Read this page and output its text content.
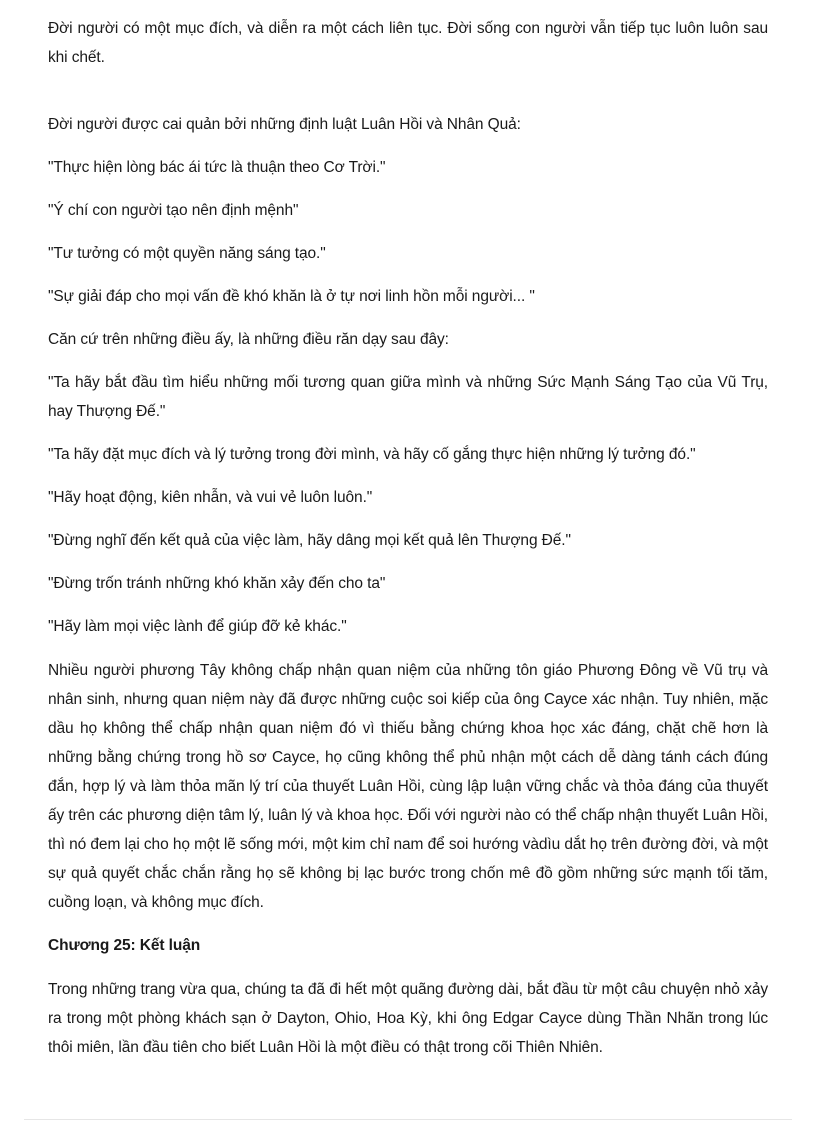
Đời người có một mục đích, và diễn ra một cách liên tục. Đời sống con người vẫn tiếp tục luôn luôn sau khi chết.

Đời người được cai quản bởi những định luật Luân Hồi và Nhân Quả:

"Thực hiện lòng bác ái tức là thuận theo Cơ Trời."

"Ý chí con người tạo nên định mệnh"

"Tư tưởng có một quyền năng sáng tạo."

"Sự giải đáp cho mọi vấn đề khó khăn là ở tự nơi linh hồn mỗi người... "

Căn cứ trên những điều ấy, là những điều răn dạy sau đây:

"Ta hãy bắt đầu tìm hiểu những mối tương quan giữa mình và những Sức Mạnh Sáng Tạo của Vũ Trụ, hay Thượng Đế."

"Ta hãy đặt mục đích và lý tưởng trong đời mình, và hãy cố gắng thực hiện những lý tưởng đó."

"Hãy hoạt động, kiên nhẫn, và vui vẻ luôn luôn."

"Đừng nghĩ đến kết quả của việc làm, hãy dâng mọi kết quả lên Thượng Đế."

"Đừng trốn tránh những khó khăn xảy đến cho ta"

"Hãy làm mọi việc lành để giúp đỡ kẻ khác."

Nhiều người phương Tây không chấp nhận quan niệm của những tôn giáo Phương Đông về Vũ trụ và nhân sinh, nhưng quan niệm này đã được những cuộc soi kiếp của ông Cayce xác nhận. Tuy nhiên, mặc dầu họ không thể chấp nhận quan niệm đó vì thiếu bằng chứng khoa học xác đáng, chặt chẽ hơn là những bằng chứng trong hồ sơ Cayce, họ cũng không thể phủ nhận một cách dễ dàng tánh cách đúng đắn, hợp lý và làm thỏa mãn lý trí của thuyết Luân Hồi, cùng lập luận vững chắc và thỏa đáng của thuyết ấy trên các phương diện tâm lý, luân lý và khoa học. Đối với người nào có thể chấp nhận thuyết Luân Hồi, thì nó đem lại cho họ một lẽ sống mới, một kim chỉ nam để soi hướng vàdìu dắt họ trên đường đời, và một sự quả quyết chắc chắn rằng họ sẽ không bị lạc bước trong chốn mê đồ gồm những sức mạnh tối tăm, cuồng loạn, và không mục đích.

Chương 25: Kết luận

Trong những trang vừa qua, chúng ta đã đi hết một quãng đường dài, bắt đầu từ một câu chuyện nhỏ xảy ra trong một phòng khách sạn ở Dayton, Ohio, Hoa Kỳ, khi ông Edgar Cayce dùng Thần Nhãn trong lúc thôi miên, lần đầu tiên cho biết Luân Hồi là một điều có thật trong cõi Thiên Nhiên.
